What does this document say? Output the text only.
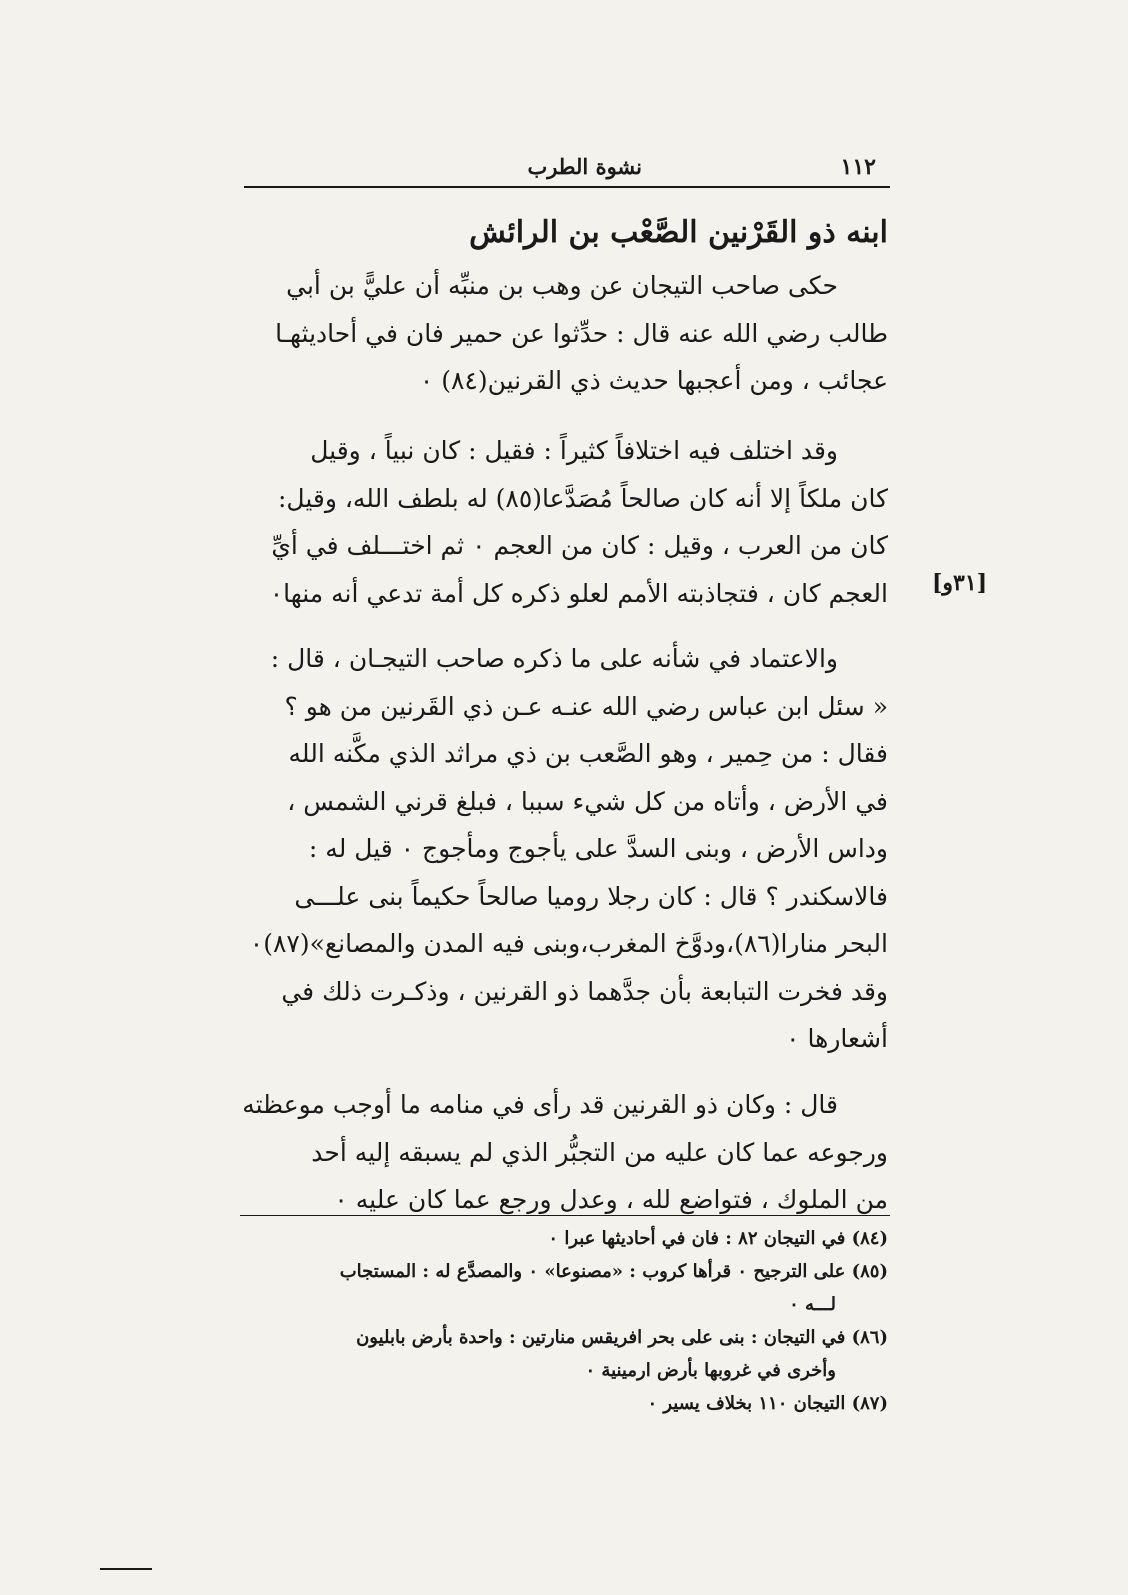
١١٢
نشوة الطرب
ابنه ذو القَرْنين الصَّعْب بن الرائش
حكى صاحب التيجان عن وهب بن منبِّه أن عليًّ بن أبي
طالب رضي الله عنه قال : حدِّثوا عن حمير فان في أحاديثهـا
عجائب ، ومن أعجبها حديث ذي القرنين(٨٤) ٠
وقد اختلف فيه اختلافاً كثيراً : فقيل : كان نبياً ، وقيل
كان ملكاً إلا أنه كان صالحاً مُصَدَّعا(٨٥) له بلطف الله، وقيل:
كان من العرب ، وقيل : كان من العجم ٠ ثم اختـــلف في أيِّ
العجم كان ، فتجاذبته الأمم لعلو ذكره كل أمة تدعي أنه منها٠ [٣١و]
والاعتماد في شأنه على ما ذكره صاحب التيجـان ، قال :
« سئل ابن عباس رضي الله عنـه عـن ذي القَرنين من هو ؟
فقال : من حِمير ، وهو الصَّعب بن ذي مراثد الذي مكَّنه الله
في الأرض ، وأتاه من كل شيء سببا ، فبلغ قرني الشمس ،
وداس الأرض ، وبنى السدَّ على يأجوج ومأجوج ٠ قيل له :
فالاسكندر ؟ قال : كان رجلا روميا صالحاً حكيماً بنى علـــى
البحر منارا(٨٦)،ودوَّخ المغرب،وبنى فيه المدن والمصانع»(٨٧)٠
وقد فخرت التبابعة بأن جدَّهما ذو القرنين ، وذكـرت ذلك في
أشعارها ٠
قال : وكان ذو القرنين قد رأى في منامه ما أوجب موعظته
ورجوعه عما كان عليه من التجبُّر الذي لم يسبقه إليه أحد
من الملوك ، فتواضع لله ، وعدل ورجع عما كان عليه ٠
(٨٤) في التيجان ٨٢ : فان في أحاديثها عبرا ٠
(٨٥) على الترجيح ٠ قرأها كروب : «مصنوعا» ٠ والمصدَّع له : المستجاب
لـــه ٠
(٨٦) في التيجان : بنى على بحر افريقس منارتين : واحدة بأرض بابليون
وأخرى في غروبها بأرض ارمينية ٠
(٨٧) التيجان ١١٠ بخلاف يسير ٠
